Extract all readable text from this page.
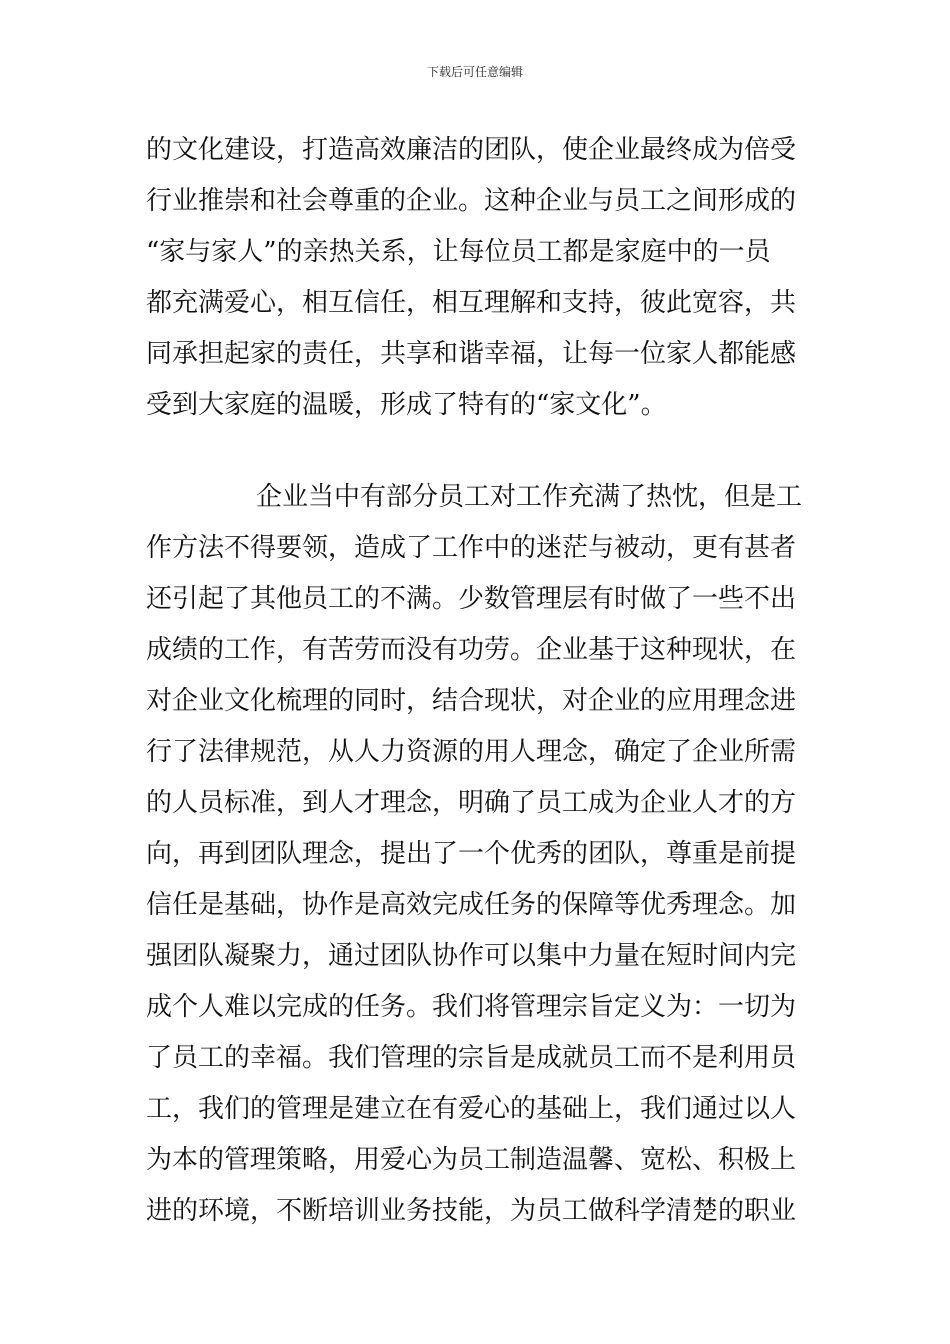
下载后可任意编辑
的文化建设，打造高效廉洁的团队，使企业最终成为倍受
行业推崇和社会尊重的企业。这种企业与员工之间形成的
“家与家人”的亲热关系，让每位员工都是家庭中的一员
都充满爱心，相互信任，相互理解和支持，彼此宽容，共
同承担起家的责任，共享和谐幸福，让每一位家人都能感
受到大家庭的温暖，形成了特有的“家文化”。
企业当中有部分员工对工作充满了热忱，但是工
作方法不得要领，造成了工作中的迷茫与被动，更有甚者
还引起了其他员工的不满。少数管理层有时做了一些不出
成绩的工作，有苦劳而没有功劳。企业基于这种现状，在
对企业文化梳理的同时，结合现状，对企业的应用理念进
行了法律规范，从人力资源的用人理念，确定了企业所需
的人员标准，到人才理念，明确了员工成为企业人才的方
向，再到团队理念，提出了一个优秀的团队，尊重是前提
信任是基础，协作是高效完成任务的保障等优秀理念。加
强团队凝聚力，通过团队协作可以集中力量在短时间内完
成个人难以完成的任务。我们将管理宗旨定义为：一切为
了员工的幸福。我们管理的宗旨是成就员工而不是利用员
工，我们的管理是建立在有爱心的基础上，我们通过以人
为本的管理策略，用爱心为员工制造温馨、宽松、积极上
进的环境，不断培训业务技能，为员工做科学清楚的职业
